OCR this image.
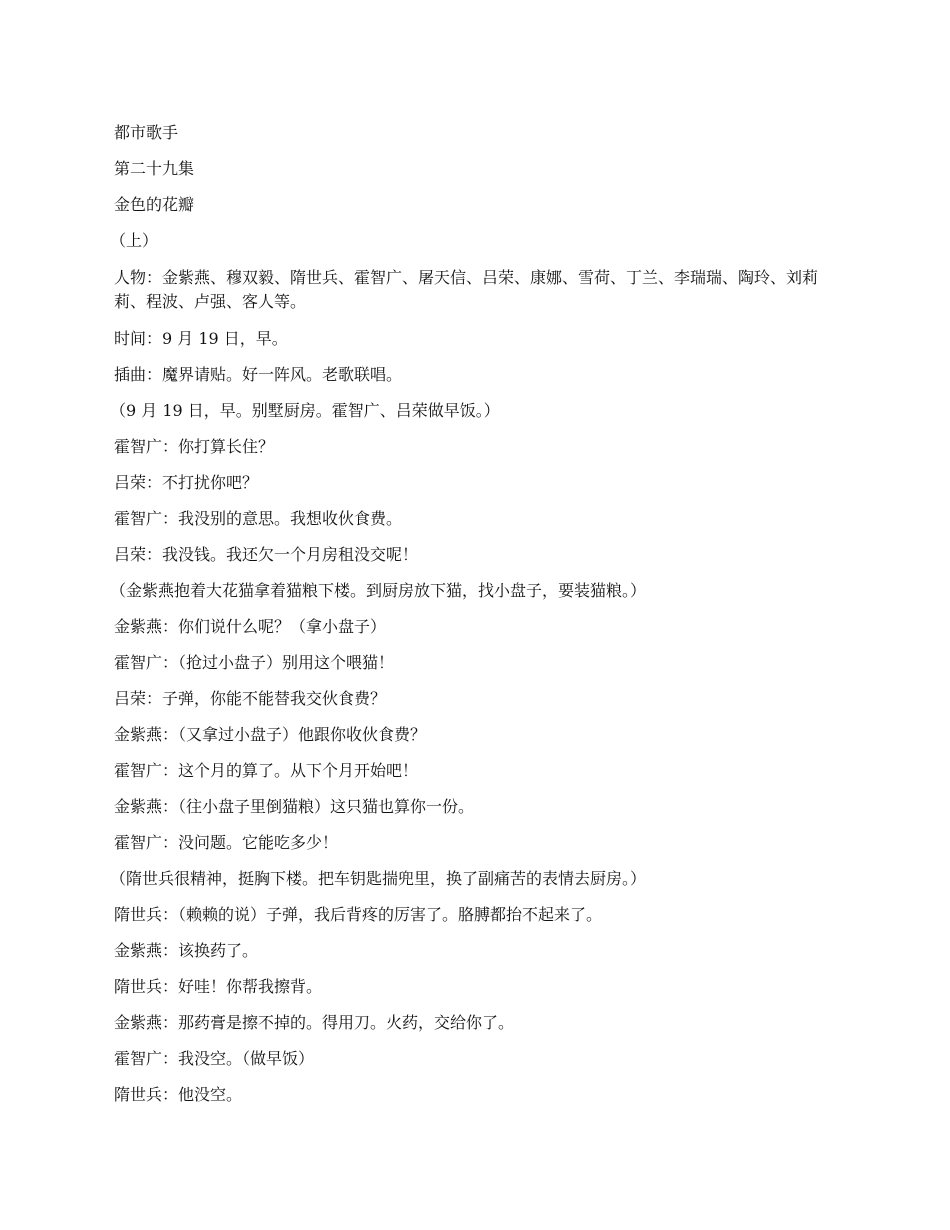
都市歌手

第二十九集

金色的花瓣

（上）

人物：金紫燕、穆双毅、隋世兵、霍智广、屠天信、吕荣、康娜、雪荷、丁兰、李瑞瑞、陶玲、刘莉莉、程波、卢强、客人等。

时间：9 月 19 日，早。

插曲：魔界请贴。好一阵风。老歌联唱。

（9 月 19 日，早。别墅厨房。霍智广、吕荣做早饭。）

霍智广：你打算长住？

吕荣：不打扰你吧？

霍智广：我没别的意思。我想收伙食费。

吕荣：我没钱。我还欠一个月房租没交呢！

（金紫燕抱着大花猫拿着猫粮下楼。到厨房放下猫，找小盘子，要装猫粮。）

金紫燕：你们说什么呢？（拿小盘子）

霍智广：（抢过小盘子）别用这个喂猫！

吕荣：子弹，你能不能替我交伙食费？

金紫燕：（又拿过小盘子）他跟你收伙食费？

霍智广：这个月的算了。从下个月开始吧！

金紫燕：（往小盘子里倒猫粮）这只猫也算你一份。

霍智广：没问题。它能吃多少！

（隋世兵很精神，挺胸下楼。把车钥匙揣兜里，换了副痛苦的表情去厨房。）

隋世兵：（赖赖的说）子弹，我后背疼的厉害了。胳膊都抬不起来了。

金紫燕：该换药了。

隋世兵：好哇！你帮我擦背。

金紫燕：那药膏是擦不掉的。得用刀。火药，交给你了。

霍智广：我没空。（做早饭）

隋世兵：他没空。
